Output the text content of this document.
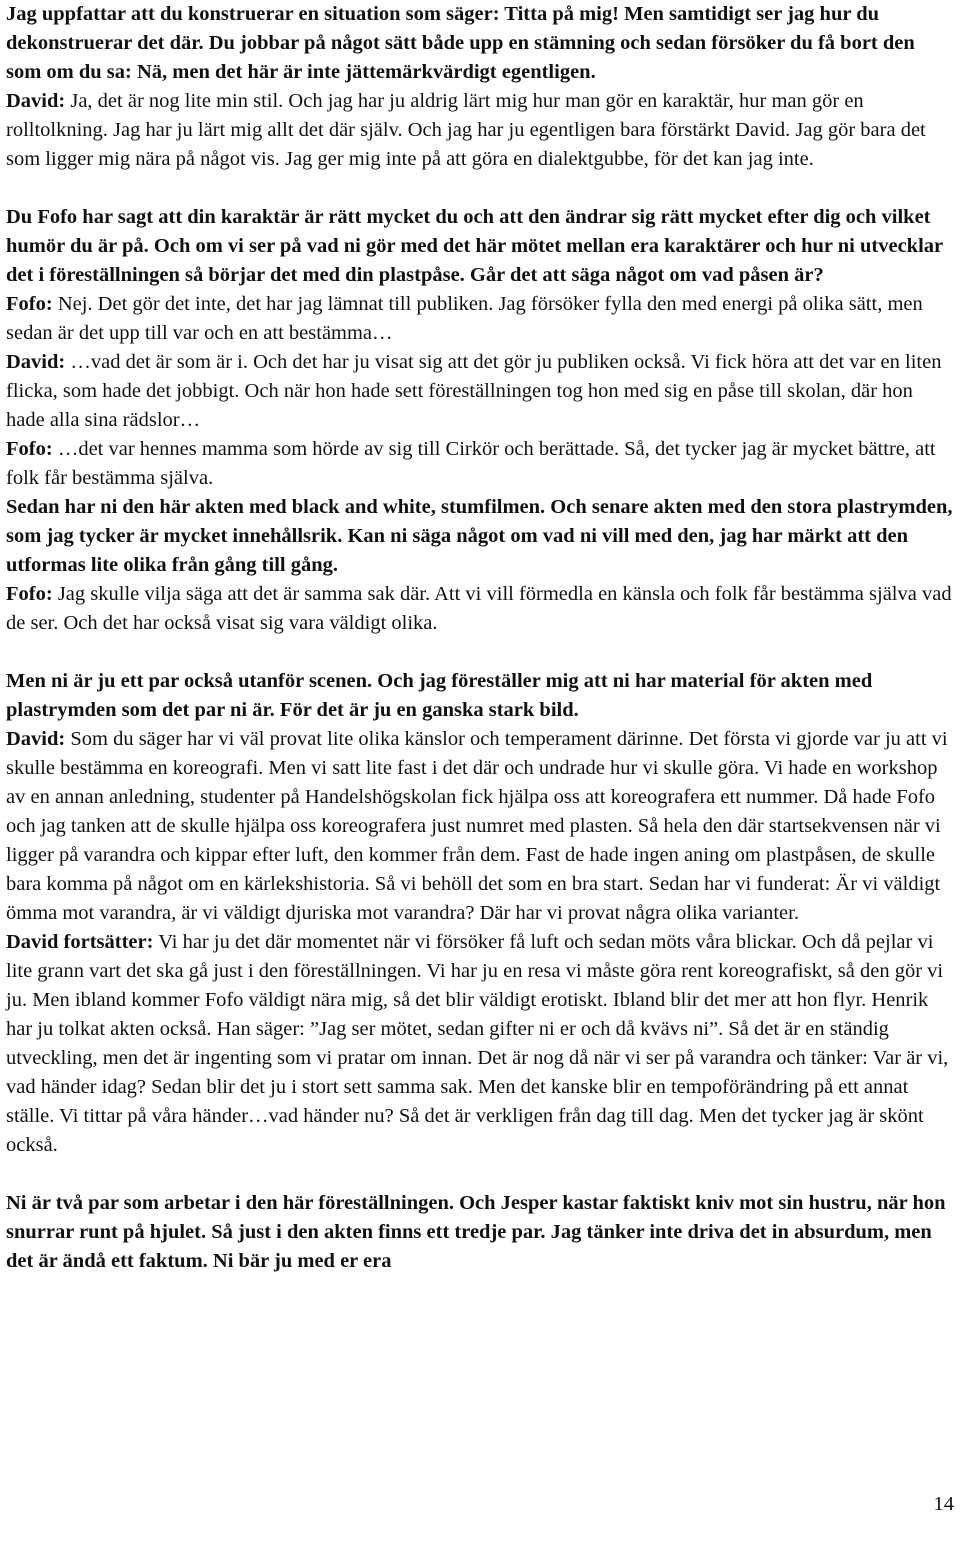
Jag uppfattar att du konstruerar en situation som säger: Titta på mig! Men samtidigt ser jag hur du dekonstruerar det där. Du jobbar på något sätt både upp en stämning och sedan försöker du få bort den som om du sa: Nä, men det här är inte jättemärkvärdigt egentligen.

David: Ja, det är nog lite min stil. Och jag har ju aldrig lärt mig hur man gör en karaktär, hur man gör en rolltolkning. Jag har ju lärt mig allt det där själv. Och jag har ju egentligen bara förstärkt David. Jag gör bara det som ligger mig nära på något vis. Jag ger mig inte på att göra en dialektgubbe, för det kan jag inte.

Du Fofo har sagt att din karaktär är rätt mycket du och att den ändrar sig rätt mycket efter dig och vilket humör du är på. Och om vi ser på vad ni gör med det här mötet mellan era karaktärer och hur ni utvecklar det i föreställningen så börjar det med din plastpåse. Går det att säga något om vad påsen är?

Fofo: Nej. Det gör det inte, det har jag lämnat till publiken. Jag försöker fylla den med energi på olika sätt, men sedan är det upp till var och en att bestämma…

David: …vad det är som är i. Och det har ju visat sig att det gör ju publiken också. Vi fick höra att det var en liten flicka, som hade det jobbigt. Och när hon hade sett föreställningen tog hon med sig en påse till skolan, där hon hade alla sina rädslor…

Fofo: …det var hennes mamma som hörde av sig till Cirkör och berättade. Så, det tycker jag är mycket bättre, att folk får bestämma själva.

Sedan har ni den här akten med black and white, stumfilmen. Och senare akten med den stora plastrymden, som jag tycker är mycket innehållsrik. Kan ni säga något om vad ni vill med den, jag har märkt att den utformas lite olika från gång till gång.

Fofo: Jag skulle vilja säga att det är samma sak där. Att vi vill förmedla en känsla och folk får bestämma själva vad de ser. Och det har också visat sig vara väldigt olika.

Men ni är ju ett par också utanför scenen. Och jag föreställer mig att ni har material för akten med plastrymden som det par ni är. För det är ju en ganska stark bild.

David: Som du säger har vi väl provat lite olika känslor och temperament därinne. Det första vi gjorde var ju att vi skulle bestämma en koreografi. Men vi satt lite fast i det där och undrade hur vi skulle göra. Vi hade en workshop av en annan anledning, studenter på Handelshögskolan fick hjälpa oss att koreografera ett nummer. Då hade Fofo och jag tanken att de skulle hjälpa oss koreografera just numret med plasten. Så hela den där startsekvensen när vi ligger på varandra och kippar efter luft, den kommer från dem. Fast de hade ingen aning om plastpåsen, de skulle bara komma på något om en kärlekshistoria. Så vi behöll det som en bra start. Sedan har vi funderat: Är vi väldigt ömma mot varandra, är vi väldigt djuriska mot varandra? Där har vi provat några olika varianter.

David fortsätter: Vi har ju det där momentet när vi försöker få luft och sedan möts våra blickar. Och då pejlar vi lite grann vart det ska gå just i den föreställningen. Vi har ju en resa vi måste göra rent koreografiskt, så den gör vi ju. Men ibland kommer Fofo väldigt nära mig, så det blir väldigt erotiskt. Ibland blir det mer att hon flyr. Henrik har ju tolkat akten också. Han säger: ”Jag ser mötet, sedan gifter ni er och då kvävs ni”. Så det är en ständig utveckling, men det är ingenting som vi pratar om innan. Det är nog då när vi ser på varandra och tänker: Var är vi, vad händer idag? Sedan blir det ju i stort sett samma sak. Men det kanske blir en tempoförändring på ett annat ställe. Vi tittar på våra händer…vad händer nu? Så det är verkligen från dag till dag. Men det tycker jag är skönt också.

Ni är två par som arbetar i den här föreställningen. Och Jesper kastar faktiskt kniv mot sin hustru, när hon snurrar runt på hjulet. Så just i den akten finns ett tredje par. Jag tänker inte driva det in absurdum, men det är ändå ett faktum. Ni bär ju med er era

14
